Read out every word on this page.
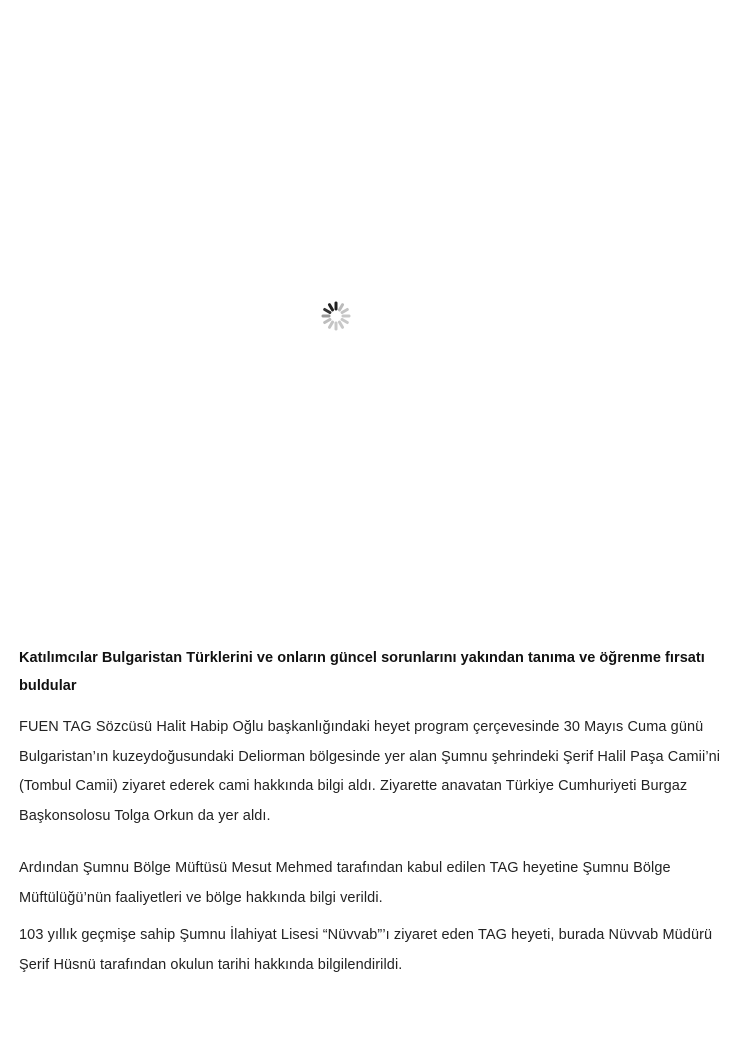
Katılımcılar Bulgaristan Türklerini ve onların güncel sorunlarını yakından tanıma ve öğrenme fırsatı buldular

FUEN TAG Sözcüsü Halit Habip Oğlu başkanlığındaki heyet program çerçevesinde 30 Mayıs Cuma günü Bulgaristan’ın kuzeydoğusundaki Deliorman bölgesinde yer alan Şumnu şehrindeki Şerif Halil Paşa Camii’ni (Tombul Camii) ziyaret ederek cami hakkında bilgi aldı. Ziyarette anavatan Türkiye Cumhuriyeti Burgaz Başkonsolosu Tolga Orkun da yer aldı.

Ardından Şumnu Bölge Müftüsü Mesut Mehmed tarafından kabul edilen TAG heyetine Şumnu Bölge Müftülüğü’nün faaliyetleri ve bölge hakkında bilgi verildi.

103 yıllık geçmişe sahip Şumnu İlahiyat Lisesi “Nüvvab”’ı ziyaret eden TAG heyeti, burada Nüvvab Müdürü Şerif Hüsnü tarafından okulun tarihi hakkında bilgilendirildi.
